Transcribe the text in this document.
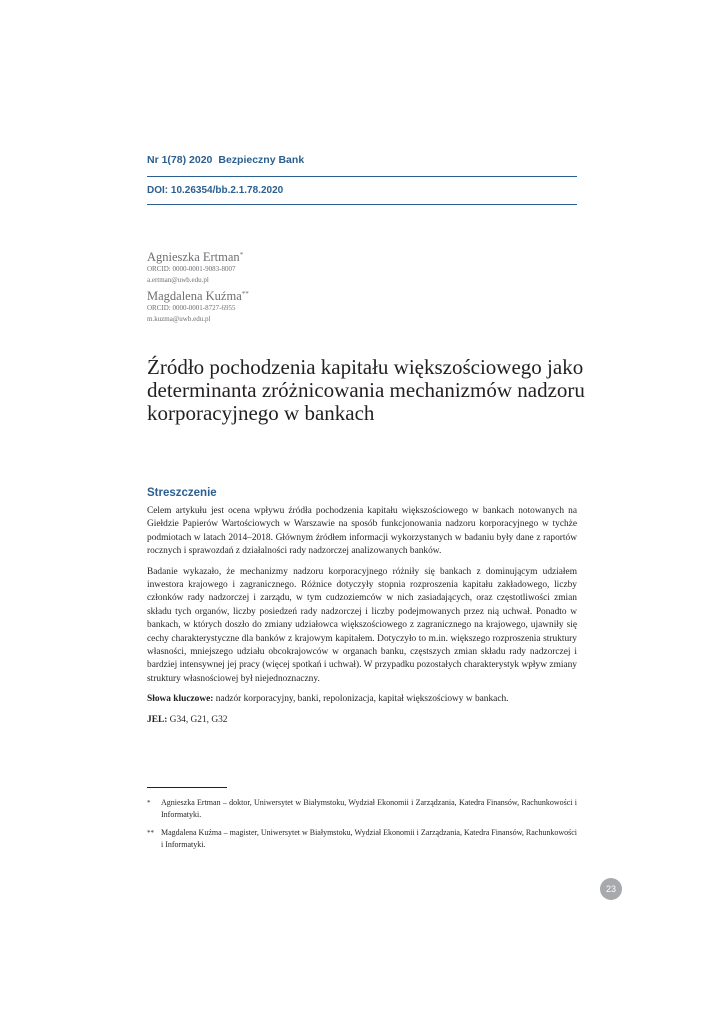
Nr 1(78) 2020 Bezpieczny Bank
DOI: 10.26354/bb.2.1.78.2020
Agnieszka Ertman*
ORCID: 0000-0001-9083-8007
a.ertman@uwb.edu.pl
Magdalena Kuźma**
ORCID: 0000-0001-8727-6955
m.kuzma@uwb.edu.pl
Źródło pochodzenia kapitału większościowego jako determinanta zróżnicowania mechanizmów nadzoru korporacyjnego w bankach
Streszczenie

Celem artykułu jest ocena wpływu źródła pochodzenia kapitału większościowego w bankach notowanych na Giełdzie Papierów Wartościowych w Warszawie na sposób funkcjonowania nadzoru korporacyjnego w tychże podmiotach w latach 2014–2018. Głównym źródłem informacji wykorzystanych w badaniu były dane z raportów rocznych i sprawozdań z działalności rady nadzorczej analizowanych banków.

Badanie wykazało, że mechanizmy nadzoru korporacyjnego różniły się bankach z dominującym udziałem inwestora krajowego i zagranicznego. Różnice dotyczyły stopnia rozproszenia kapitału zakładowego, liczby członków rady nadzorczej i zarządu, w tym cudzoziemców w nich zasiadających, oraz częstotliwości zmian składu tych organów, liczby posiedzeń rady nadzorczej i liczby podejmowanych przez nią uchwał. Ponadto w bankach, w których doszło do zmiany udziałowca większościowego z zagranicznego na krajowego, ujawniły się cechy charakterystyczne dla banków z krajowym kapitałem. Dotyczyło to m.in. większego rozproszenia struktury własności, mniejszego udziału obcokrajowców w organach banku, częstszych zmian składu rady nadzorczej i bardziej intensywnej jej pracy (więcej spotkań i uchwał). W przypadku pozostałych charakterystyk wpływ zmiany struktury własnościowej był niejednoznaczny.

Słowa kluczowe: nadzór korporacyjny, banki, repolonizacja, kapitał większościowy w bankach.

JEL: G34, G21, G32

*	Agnieszka Ertman – doktor, Uniwersytet w Białymstoku, Wydział Ekonomii i Zarządzania, Katedra Finansów, Rachunkowości i Informatyki.
** Magdalena Kuźma – magister, Uniwersytet w Białymstoku, Wydział Ekonomii i Zarządzania, Katedra Finansów, Rachunkowości i Informatyki.
23
